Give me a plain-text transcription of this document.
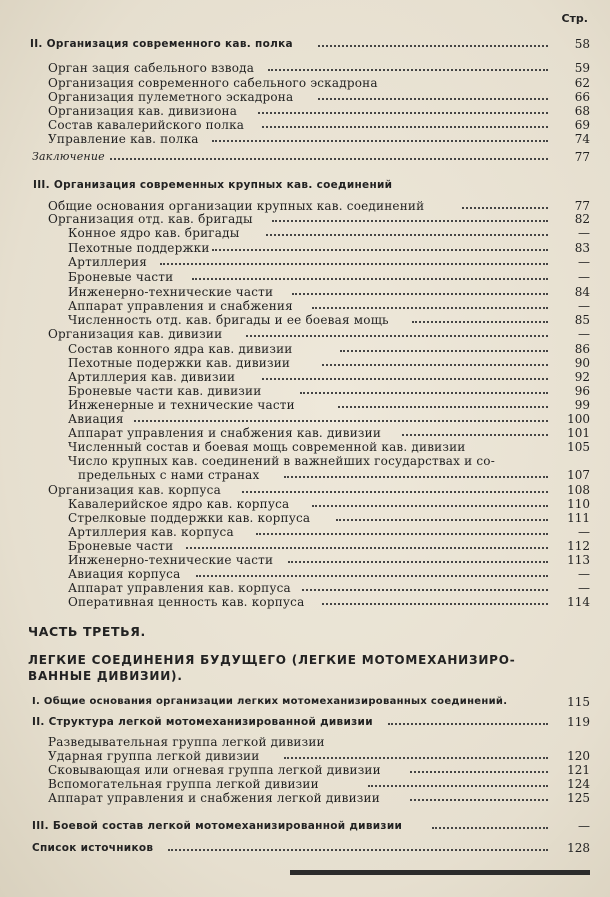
Стр.
II. Организация современного кав. полка	58
Орган зация сабельного взвода	59
Организация современного сабельного эскадрона	62
Организация пулеметного эскадрона	66
Организация кав. дивизиона	68
Состав кавалерийского полка	69
Управление кав. полка	74
Заключение	77
III. Организация современных крупных кав. соединений
Общие основания организации крупных кав. соединений	77
Организация отд. кав. бригады	82
Конное ядро кав. бригады	—
Пехотные поддержки	83
Артиллерия	—
Броневые части	—
Инженерно-технические части	84
Аппарат управления и снабжения	—
Численность отд. кав. бригады и ее боевая мощь	85
Организация кав. дивизии	—
Состав конного ядра кав. дивизии	86
Пехотные подержки кав. дивизии	90
Артиллерия кав. дивизии	92
Броневые части кав. дивизии	96
Инженерные и технические части	99
Авиация	100
Аппарат управления и снабжения кав. дивизии	101
Численный состав и боевая мощь современной кав. дивизии	105
Число крупных кав. соединений в важнейших государствах и со-
предельных с нами странах	107
Организация кав. корпуса	108
Кавалерийское ядро кав. корпуса	110
Стрелковые поддержки кав. корпуса	111
Артиллерия кав. корпуса	—
Броневые части	112
Инженерно-технические части	113
Авиация корпуса	—
Аппарат управления кав. корпуса	—
Оперативная ценность кав. корпуса	114
ЧАСТЬ ТРЕТЬЯ.
ЛЕГКИЕ СОЕДИНЕНИЯ БУДУЩЕГО (ЛЕГКИЕ МОТОМЕХАНИЗИРО-
ВАННЫЕ ДИВИЗИИ).
I. Общие основания организации легких мотомеханизированных соединений.	115
II. Структура легкой мотомеханизированной дивизии	119
Разведывательная группа легкой дивизии
Ударная группа легкой дивизии	120
Сковывающая или огневая группа легкой дивизии	121
Вспомогательная группа легкой дивизии	124
Аппарат управления и снабжения легкой дивизии	125
III. Боевой состав легкой мотомеханизированной дивизии	—
Список источников	128
